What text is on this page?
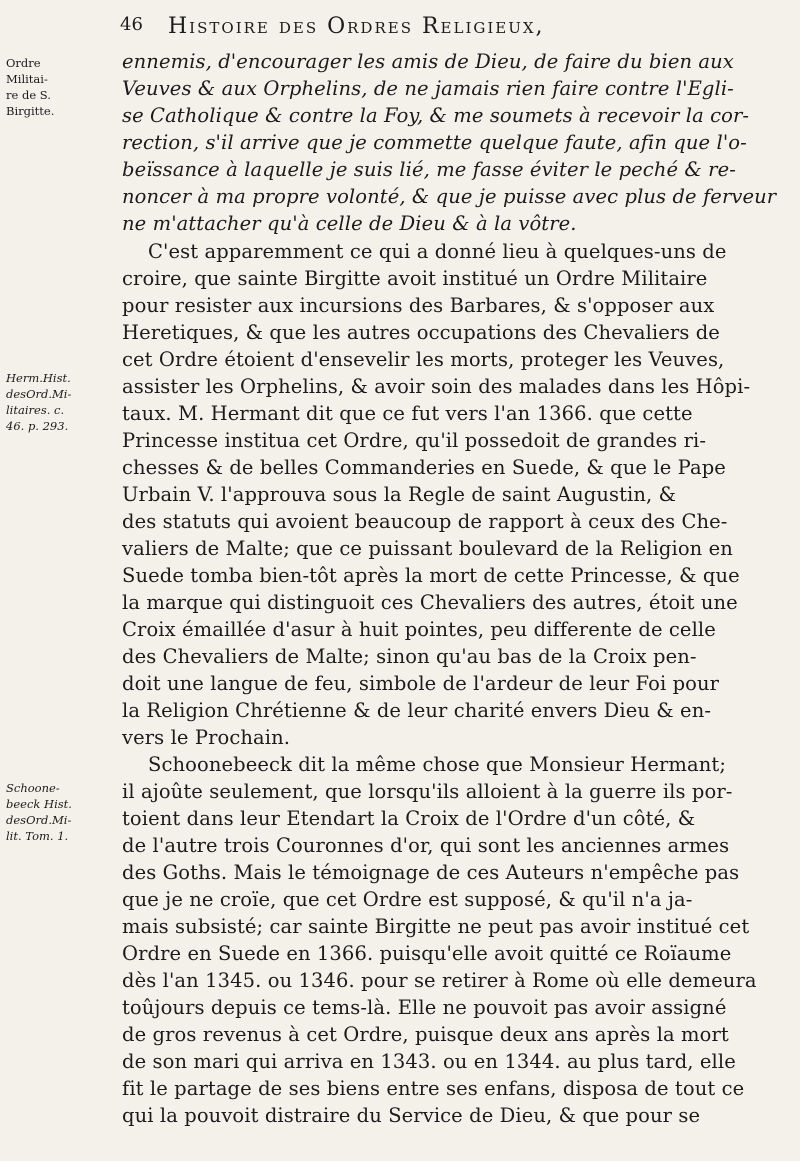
46 Histoire des Ordres Religieux,
Ordre
Militai-
re de S.
Birgitte.
Herm.Hist.
desOrd.Mi-
litaires. c.
46. p. 293.
Schoone-
beeck Hist.
desOrd.Mi-
lit. Tom. 1.
ennemis, d'encourager les amis de Dieu, de faire du bien aux
Veuves & aux Orphelins, de ne jamais rien faire contre l'Egli-
se Catholique & contre la Foy, & me soumets à recevoir la cor-
rection, s'il arrive que je commette quelque faute, afin que l'o-
beïssance à laquelle je suis lié, me fasse éviter le peché & re-
noncer à ma propre volonté, & que je puisse avec plus de ferveur
ne m'attacher qu'à celle de Dieu & à la vôtre.
C'est apparemment ce qui a donné lieu à quelques-uns de
croire, que sainte Birgitte avoit institué un Ordre Militaire
pour resister aux incursions des Barbares, & s'opposer aux
Heretiques, & que les autres occupations des Chevaliers de
cet Ordre étoient d'ensevelir les morts, proteger les Veuves,
assister les Orphelins, & avoir soin des malades dans les Hôpi-
taux. M. Hermant dit que ce fut vers l'an 1366. que cette
Princesse institua cet Ordre, qu'il possedoit de grandes ri-
chesses & de belles Commanderies en Suede, & que le Pape
Urbain V. l'approuva sous la Regle de saint Augustin, &
des statuts qui avoient beaucoup de rapport à ceux des Che-
valiers de Malte; que ce puissant boulevard de la Religion en
Suede tomba bien-tôt après la mort de cette Princesse, & que
la marque qui distinguoit ces Chevaliers des autres, étoit une
Croix émaillée d'asur à huit pointes, peu differente de celle
des Chevaliers de Malte; sinon qu'au bas de la Croix pen-
doit une langue de feu, simbole de l'ardeur de leur Foi pour
la Religion Chrétienne & de leur charité envers Dieu & en-
vers le Prochain.
Schoonebeeck dit la même chose que Monsieur Hermant;
il ajoûte seulement, que lorsqu'ils alloient à la guerre ils por-
toient dans leur Etendart la Croix de l'Ordre d'un côté, &
de l'autre trois Couronnes d'or, qui sont les anciennes armes
des Goths. Mais le témoignage de ces Auteurs n'empêche pas
que je ne croïe, que cet Ordre est supposé, & qu'il n'a ja-
mais subsisté; car sainte Birgitte ne peut pas avoir institué cet
Ordre en Suede en 1366. puisqu'elle avoit quitté ce Roïaume
dès l'an 1345. ou 1346. pour se retirer à Rome où elle demeura
toûjours depuis ce tems-là. Elle ne pouvoit pas avoir assigné
de gros revenus à cet Ordre, puisque deux ans après la mort
de son mari qui arriva en 1343. ou en 1344. au plus tard, elle
fit le partage de ses biens entre ses enfans, disposa de tout ce
qui la pouvoit distraire du Service de Dieu, & que pour se
